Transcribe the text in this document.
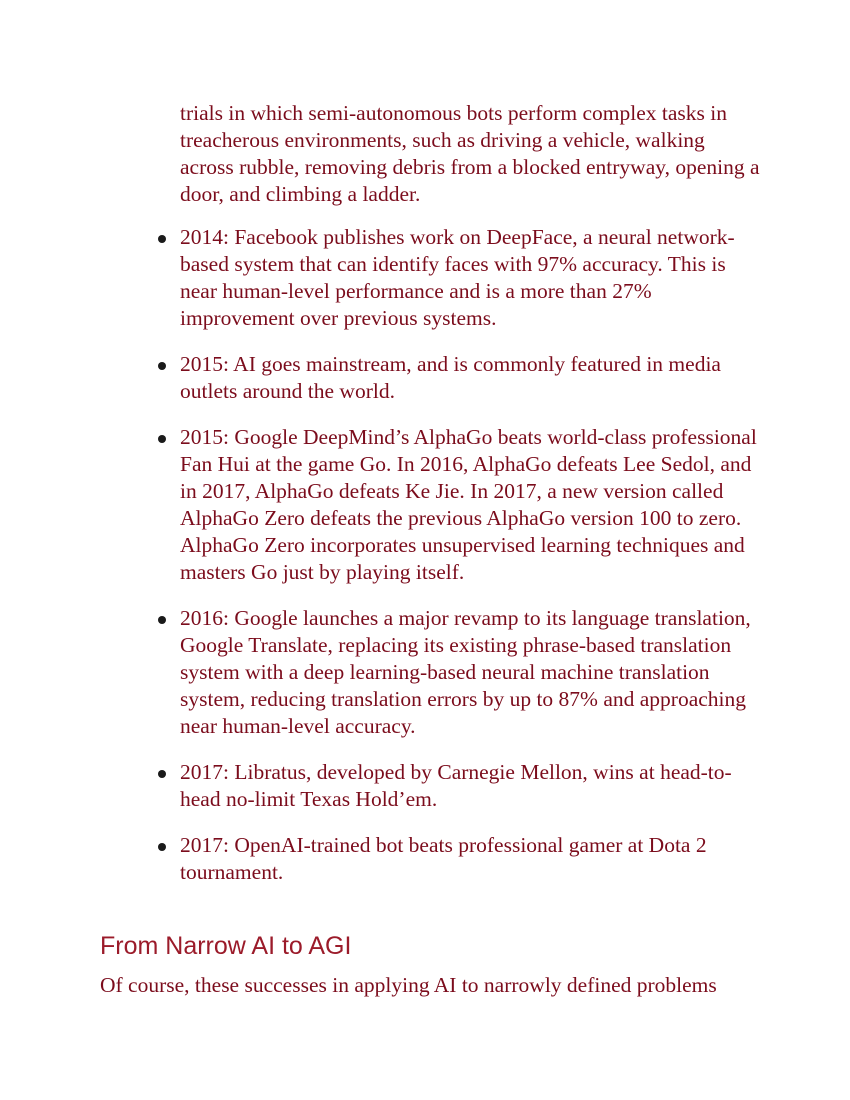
trials in which semi-autonomous bots perform complex tasks in treacherous environments, such as driving a vehicle, walking across rubble, removing debris from a blocked entryway, opening a door, and climbing a ladder.

2014: Facebook publishes work on DeepFace, a neural network-based system that can identify faces with 97% accuracy. This is near human-level performance and is a more than 27% improvement over previous systems.
2015: AI goes mainstream, and is commonly featured in media outlets around the world.
2015: Google DeepMind’s AlphaGo beats world-class professional Fan Hui at the game Go. In 2016, AlphaGo defeats Lee Sedol, and in 2017, AlphaGo defeats Ke Jie. In 2017, a new version called AlphaGo Zero defeats the previous AlphaGo version 100 to zero. AlphaGo Zero incorporates unsupervised learning techniques and masters Go just by playing itself.
2016: Google launches a major revamp to its language translation, Google Translate, replacing its existing phrase-based translation system with a deep learning-based neural machine translation system, reducing translation errors by up to 87% and approaching near human-level accuracy.
2017: Libratus, developed by Carnegie Mellon, wins at head-to-head no-limit Texas Hold’em.
2017: OpenAI-trained bot beats professional gamer at Dota 2 tournament.
From Narrow AI to AGI

Of course, these successes in applying AI to narrowly defined problems
